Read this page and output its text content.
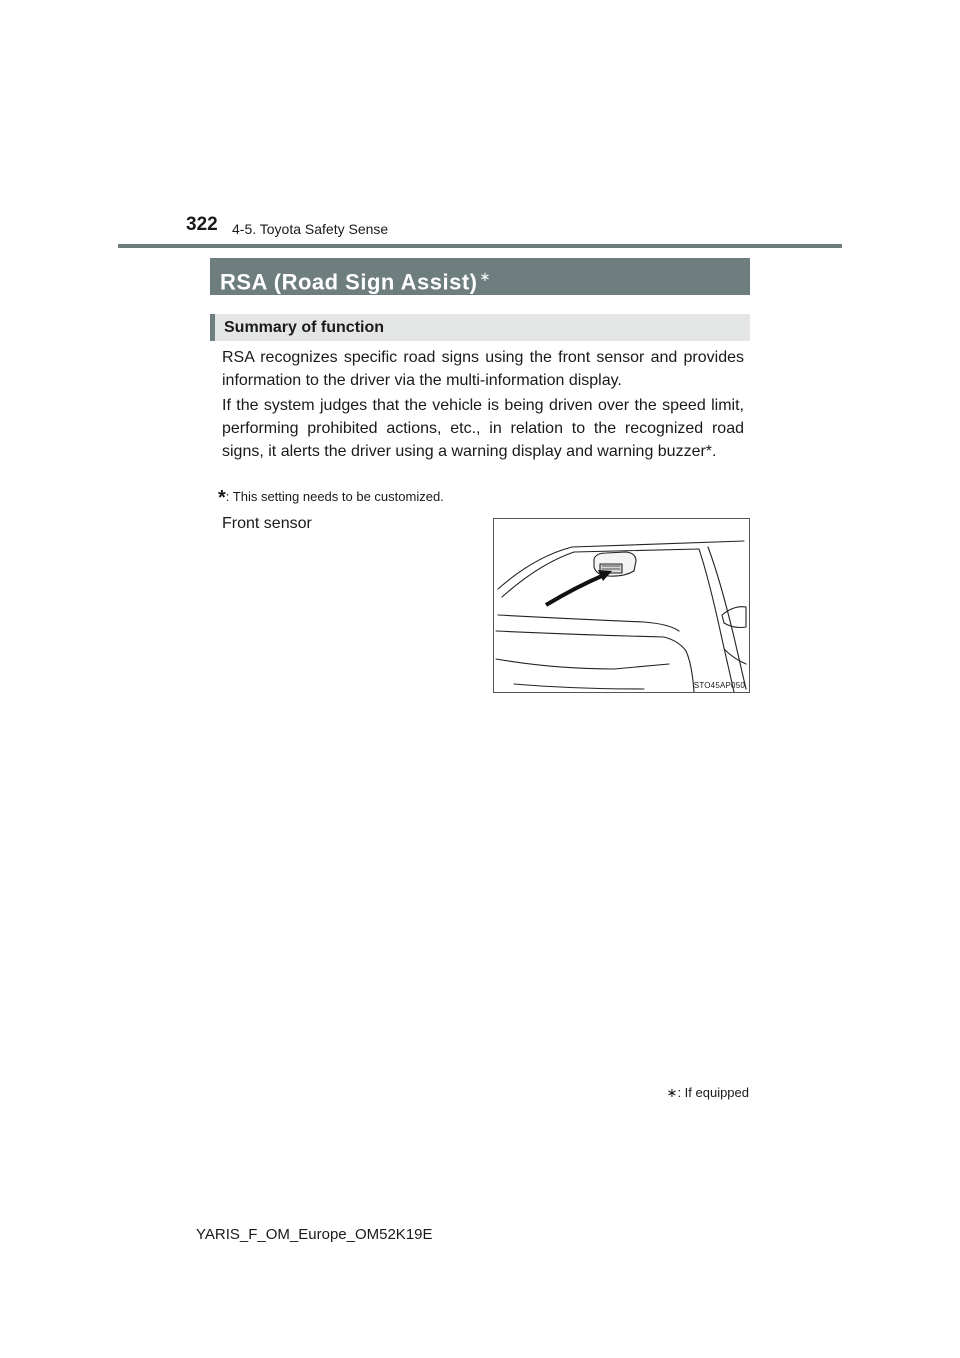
322 4-5. Toyota Safety Sense
RSA (Road Sign Assist) ∗
Summary of function

RSA recognizes specific road signs using the front sensor and provides information to the driver via the multi-information display.

If the system judges that the vehicle is being driven over the speed limit, performing prohibited actions, etc., in relation to the recognized road signs, it alerts the driver using a warning display and warning buzzer*.

*: This setting needs to be customized.
Front sensor
STO45AP050
∗: If equipped
YARIS_F_OM_Europe_OM52K19E
